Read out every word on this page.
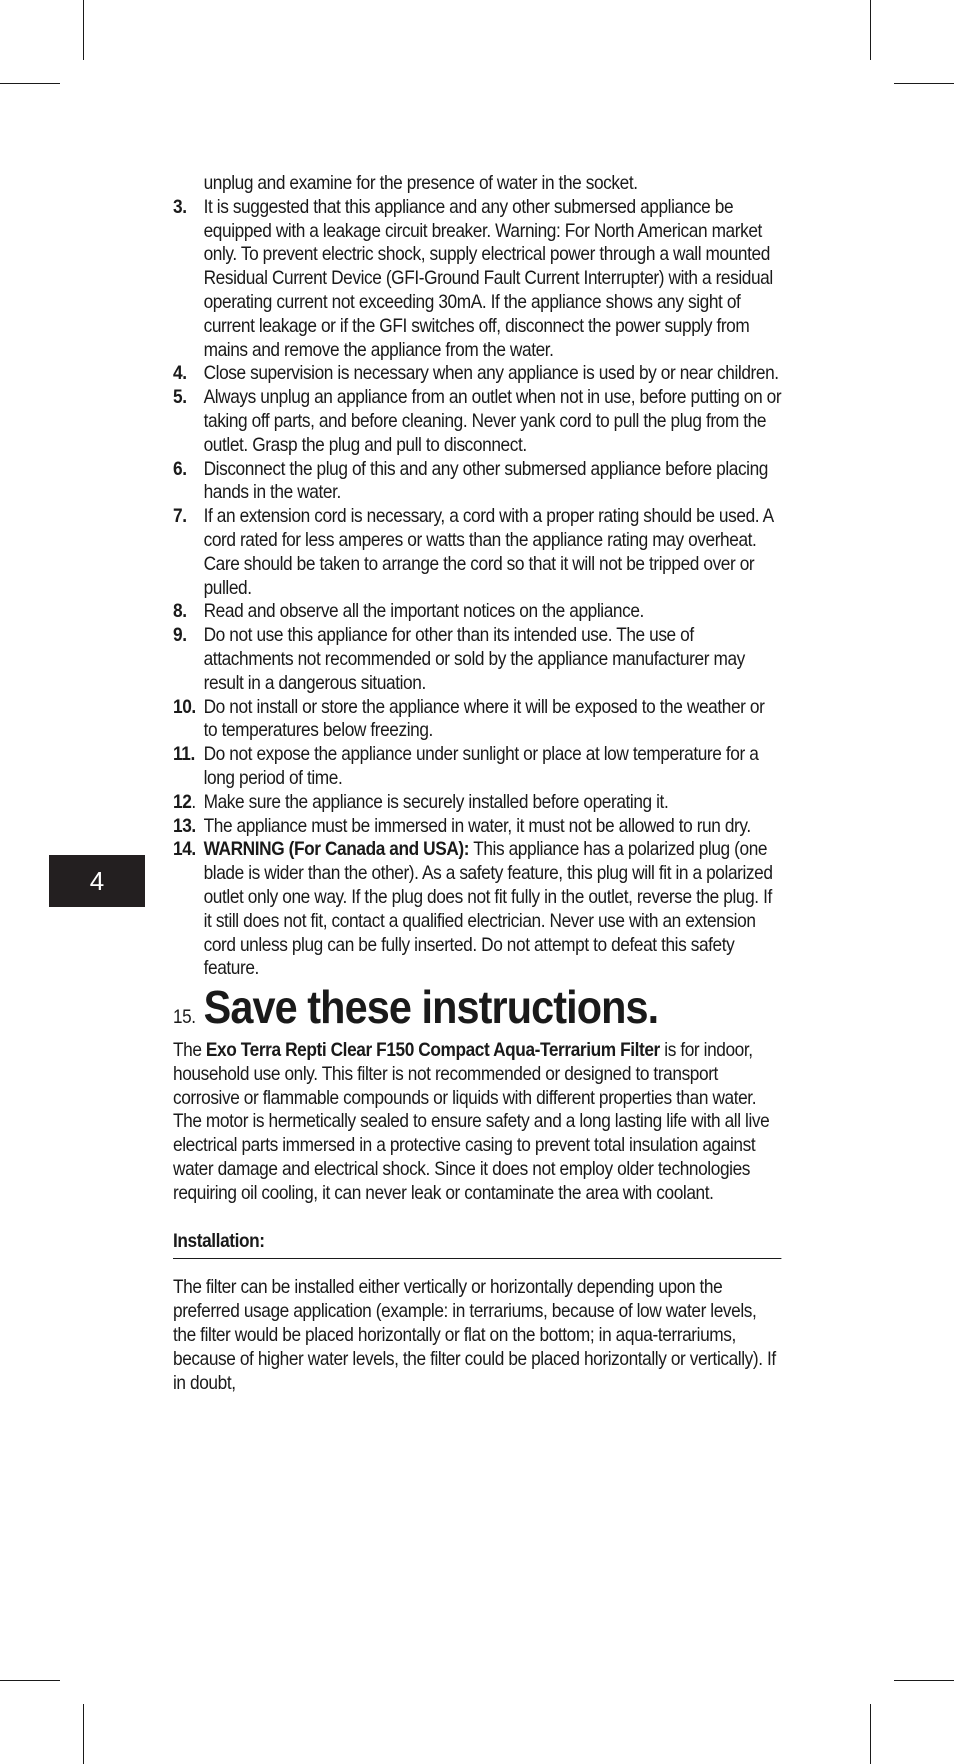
4
unplug and examine for the presence of water in the socket.
3. It is suggested that this appliance and any other submersed appliance be equipped with a leakage circuit breaker. Warning: For North American market only. To prevent electric shock, supply electrical power through a wall mounted Residual Current Device (GFI-Ground Fault Current Interrupter) with a residual operating current not exceeding 30mA. If the appliance shows any sight of current leakage or if the GFI switches off, disconnect the power supply from mains and remove the appliance from the water.
4. Close supervision is necessary when any appliance is used by or near children.
5. Always unplug an appliance from an outlet when not in use, before putting on or taking off parts, and before cleaning. Never yank cord to pull the plug from the outlet. Grasp the plug and pull to disconnect.
6. Disconnect the plug of this and any other submersed appliance before placing hands in the water.
7. If an extension cord is necessary, a cord with a proper rating should be used. A cord rated for less amperes or watts than the appliance rating may overheat. Care should be taken to arrange the cord so that it will not be tripped over or pulled.
8. Read and observe all the important notices on the appliance.
9. Do not use this appliance for other than its intended use. The use of attachments not recommended or sold by the appliance manufacturer may result in a dangerous situation.
10. Do not install or store the appliance where it will be exposed to the weather or to temperatures below freezing.
11. Do not expose the appliance under sunlight or place at low temperature for a long period of time.
12. Make sure the appliance is securely installed before operating it.
13. The appliance must be immersed in water, it must not be allowed to run dry.
14. WARNING (For Canada and USA): This appliance has a polarized plug (one blade is wider than the other). As a safety feature, this plug will fit in a polarized outlet only one way. If the plug does not fit fully in the outlet, reverse the plug. If it still does not fit, contact a qualified electrician. Never use with an extension cord unless plug can be fully inserted. Do not attempt to defeat this safety feature.
15. Save these instructions.
The Exo Terra Repti Clear F150 Compact Aqua-Terrarium Filter is for indoor, household use only. This filter is not recommended or designed to transport corrosive or flammable compounds or liquids with different properties than water. The motor is hermetically sealed to ensure safety and a long lasting life with all live electrical parts immersed in a protective casing to prevent total insulation against water damage and electrical shock. Since it does not employ older technologies requiring oil cooling, it can never leak or contaminate the area with coolant.
Installation:
The filter can be installed either vertically or horizontally depending upon the preferred usage application (example: in terrariums, because of low water levels, the filter would be placed horizontally or flat on the bottom; in aqua-terrariums, because of higher water levels, the filter could be placed horizontally or vertically). If in doubt,
